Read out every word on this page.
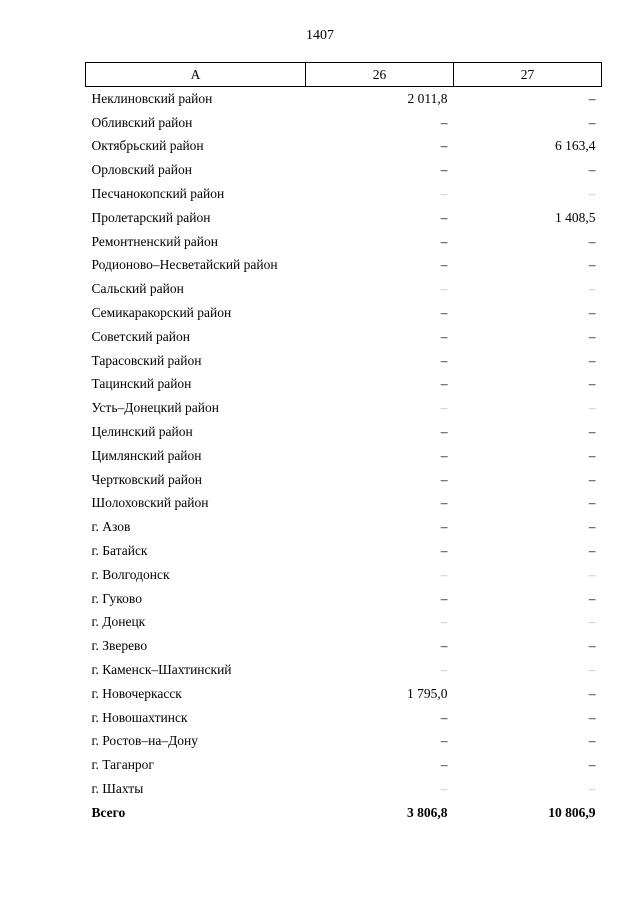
1407
А	26	27
Неклиновский район	2 011,8	–
Обливский район	–	–
Октябрьский район	–	6 163,4
Орловский район	–	–
Песчанокопский район	–	–
Пролетарский район	–	1 408,5
Ремонтненский район	–	–
Родионово–Несветайский район	–	–
Сальский район	–	–
Семикаракорский район	–	–
Советский район	–	–
Тарасовский район	–	–
Тацинский район	–	–
Усть–Донецкий район	–	–
Целинский район	–	–
Цимлянский район	–	–
Чертковский район	–	–
Шолоховский район	–	–
г. Азов	–	–
г. Батайск	–	–
г. Волгодонск	–	–
г. Гуково	–	–
г. Донецк	–	–
г. Зверево	–	–
г. Каменск–Шахтинский	–	–
г. Новочеркасск	1 795,0	–
г. Новошахтинск	–	–
г. Ростов–на–Дону	–	–
г. Таганрог	–	–
г. Шахты	–	–
Всего	3 806,8	10 806,9
